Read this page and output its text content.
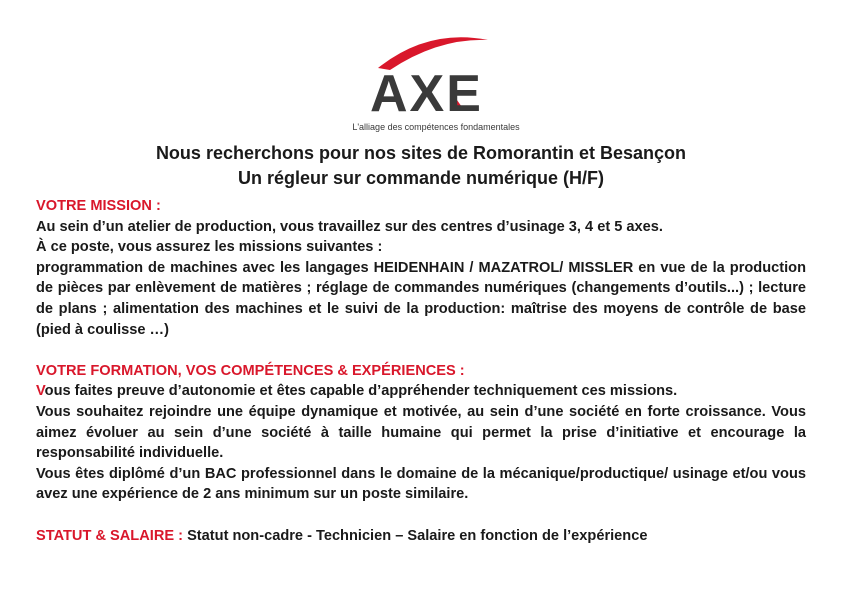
AXE
L'alliage des compétences fondamentales
Nous recherchons pour nos sites de Romorantin et Besançon
Un régleur sur commande numérique (H/F)

VOTRE MISSION :

Au sein d’un atelier de production, vous travaillez sur des centres d’usinage 3, 4 et 5 axes.

À ce poste, vous assurez les missions suivantes :

programmation de machines avec les langages HEIDENHAIN / MAZATROL/ MISSLER en vue de la production de pièces par enlèvement de matières ; réglage de commandes numériques (changements d’outils...) ; lecture de plans ; alimentation des machines et le suivi de la production: maîtrise des moyens de contrôle de base (pied à coulisse …)

VOTRE FORMATION, VOS COMPÉTENCES & EXPÉRIENCES :

Vous faites preuve d’autonomie et êtes capable d’appréhender techniquement ces missions.

Vous souhaitez rejoindre une équipe dynamique et motivée, au sein d’une société en forte croissance. Vous aimez évoluer au sein d’une société à taille humaine qui permet la prise d’initiative et encourage la responsabilité individuelle.

Vous êtes diplômé d’un BAC professionnel dans le domaine de la mécanique/productique/ usinage et/ou vous avez une expérience de 2 ans minimum sur un poste similaire.

STATUT & SALAIRE : Statut non-cadre - Technicien – Salaire en fonction de l’expérience
